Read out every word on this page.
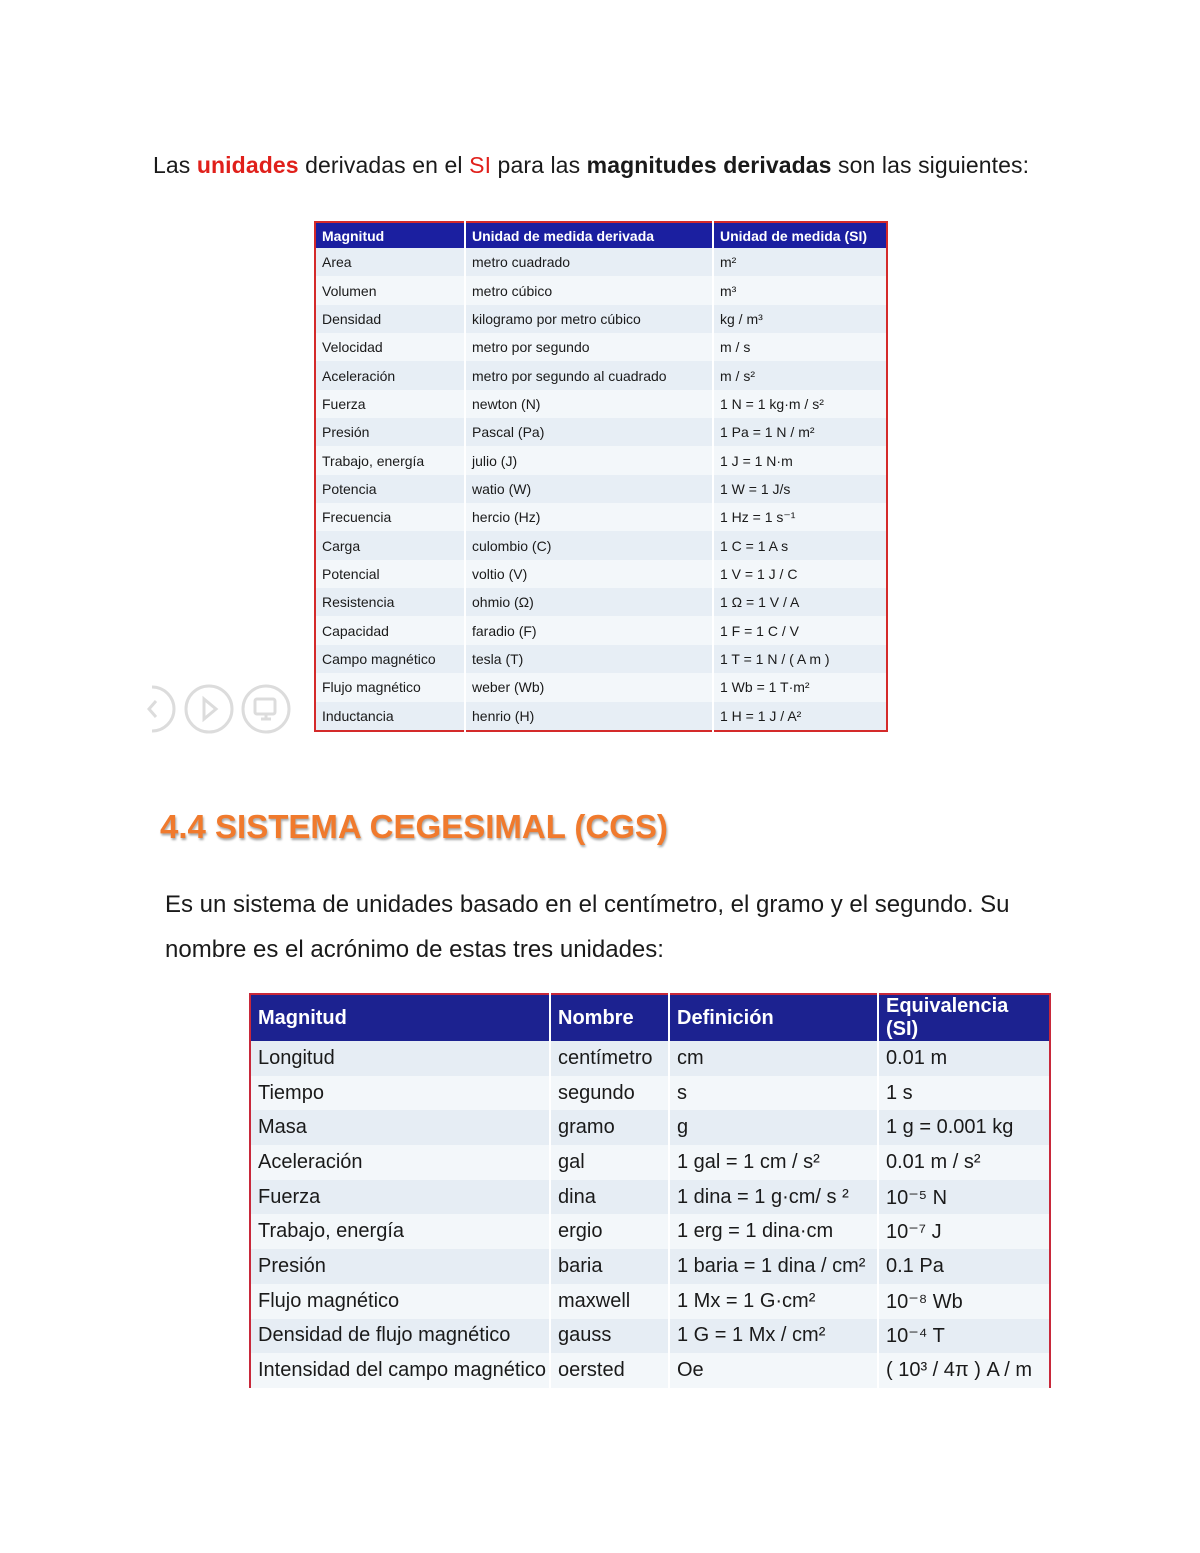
Las unidades derivadas en el SI para las magnitudes derivadas son las siguientes:
Magnitud	Unidad de medida derivada	Unidad de medida (SI)
Area	metro cuadrado	m²
Volumen	metro cúbico	m³
Densidad	kilogramo por metro cúbico	kg / m³
Velocidad	metro por segundo	m / s
Aceleración	metro por segundo al cuadrado	m / s²
Fuerza	newton (N)	1 N = 1 kg·m / s²
Presión	Pascal (Pa)	1 Pa = 1 N / m²
Trabajo, energía	julio (J)	1 J = 1 N·m
Potencia	watio (W)	1 W = 1 J/s
Frecuencia	hercio (Hz)	1 Hz = 1 s⁻¹
Carga	culombio (C)	1 C = 1 A s
Potencial	voltio (V)	1 V = 1 J / C
Resistencia	ohmio (Ω)	1 Ω = 1 V / A
Capacidad	faradio (F)	1 F = 1 C / V
Campo magnético	tesla (T)	1 T = 1 N / ( A m )
Flujo magnético	weber (Wb)	1 Wb = 1 T·m²
Inductancia	henrio (H)	1 H = 1 J / A²
4.4 SISTEMA CEGESIMAL (CGS)
Es un sistema de unidades basado en el centímetro, el gramo y el segundo. Su nombre es el acrónimo de estas tres unidades:
Magnitud	Nombre	Definición	Equivalencia (SI)
Longitud	centímetro	cm	0.01 m
Tiempo	segundo	s	1 s
Masa	gramo	g	1 g = 0.001 kg
Aceleración	gal	1 gal = 1 cm / s²	0.01 m / s²
Fuerza	dina	1 dina = 1 g·cm/ s ²	10⁻⁵ N
Trabajo, energía	ergio	1 erg = 1 dina·cm	10⁻⁷ J
Presión	baria	1 baria = 1 dina / cm²	0.1 Pa
Flujo magnético	maxwell	1 Mx = 1 G·cm²	10⁻⁸ Wb
Densidad de flujo magnético	gauss	1 G = 1 Mx / cm²	10⁻⁴ T
Intensidad del campo magnético	oersted	Oe	( 10³ / 4π ) A / m
